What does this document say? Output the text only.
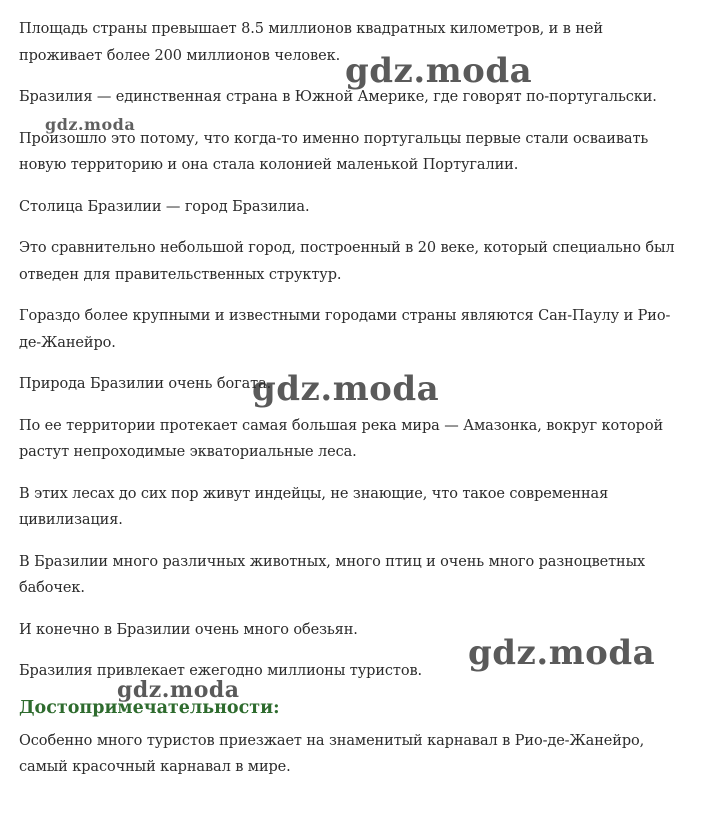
Площадь страны превышает 8.5 миллионов квадратных километров, и в ней проживает более 200 миллионов человек.

Бразилия — единственная страна в Южной Америке, где говорят по-португальски.

Произошло это потому, что когда-то именно португальцы первые стали осваивать новую территорию и она стала колонией маленькой Португалии.

Столица Бразилии — город Бразилиа.

Это сравнительно небольшой город, построенный в 20 веке, который специально был отведен для правительственных структур.

Гораздо более крупными и известными городами страны являются Сан-Паулу и Рио-де-Жанейро.

Природа Бразилии очень богата.

По ее территории протекает самая большая река мира — Амазонка, вокруг которой растут непроходимые экваториальные леса.

В этих лесах до сих пор живут индейцы, не знающие, что такое современная цивилизация.

В Бразилии много различных животных, много птиц и очень много разноцветных бабочек.

И конечно в Бразилии очень много обезьян.

Бразилия привлекает ежегодно миллионы туристов.

Достопримечательности:

Особенно много туристов приезжает на знаменитый карнавал в Рио-де-Жанейро, самый красочный карнавал в мире.

gdz.moda
gdz.moda
gdz.moda
gdz.moda
gdz.moda
